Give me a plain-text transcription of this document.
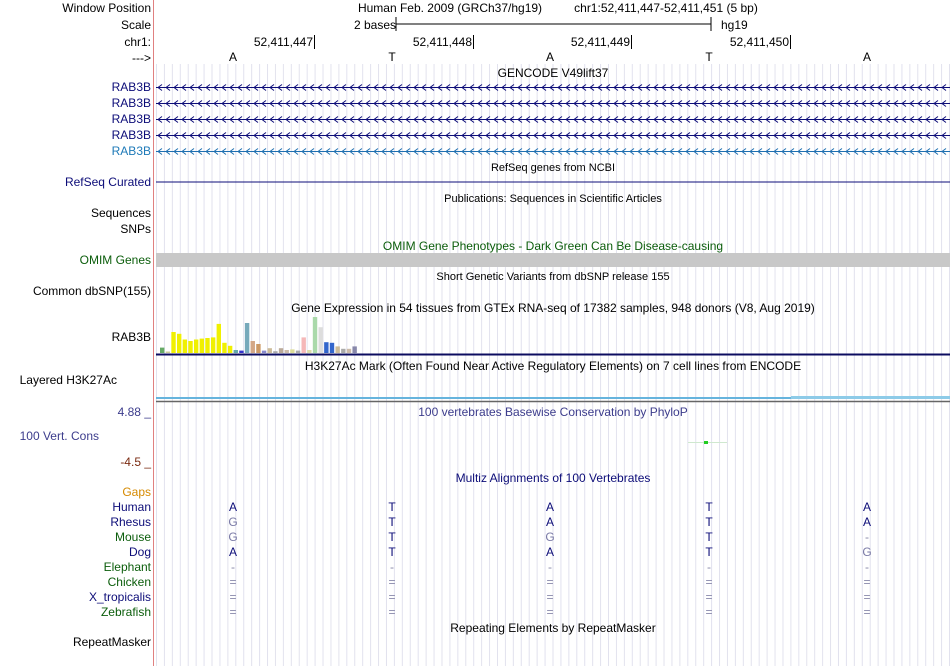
Window Position
Scale
chr1:
--->
RAB3B
RAB3B
RAB3B
RAB3B
RAB3B
RefSeq Curated
Sequences
SNPs
OMIM Genes
Common dbSNP(155)
RAB3B
Layered H3K27Ac
4.88 _
100 Vert. Cons
-4.5 _
Gaps
Human
Rhesus
Mouse
Dog
Elephant
Chicken
X_tropicalis
Zebrafish
RepeatMasker
Human Feb. 2009 (GRCh37/hg19)	chr1:52,411,447-52,411,451 (5 bp)
2 bases	hg19
52,411,447	52,411,448	52,411,449	52,411,450
A	T	A	T	A
GENCODE V49lift37
RefSeq genes from NCBI
Publications: Sequences in Scientific Articles
OMIM Gene Phenotypes - Dark Green Can Be Disease-causing
Short Genetic Variants from dbSNP release 155
Gene Expression in 54 tissues from GTEx RNA-seq of 17382 samples, 948 donors (V8, Aug 2019)
H3K27Ac Mark (Often Found Near Active Regulatory Elements) on 7 cell lines from ENCODE
100 vertebrates Basewise Conservation by PhyloP
Multiz Alignments of 100 Vertebrates
Repeating Elements by RepeatMasker
A	T	A	T	A
G	T	A	T	A
G	T	G	T	-
A	T	A	T	G
-	-	-	-	-
=	=	=	=	=
=	=	=	=	=
=	=	=	=	=
